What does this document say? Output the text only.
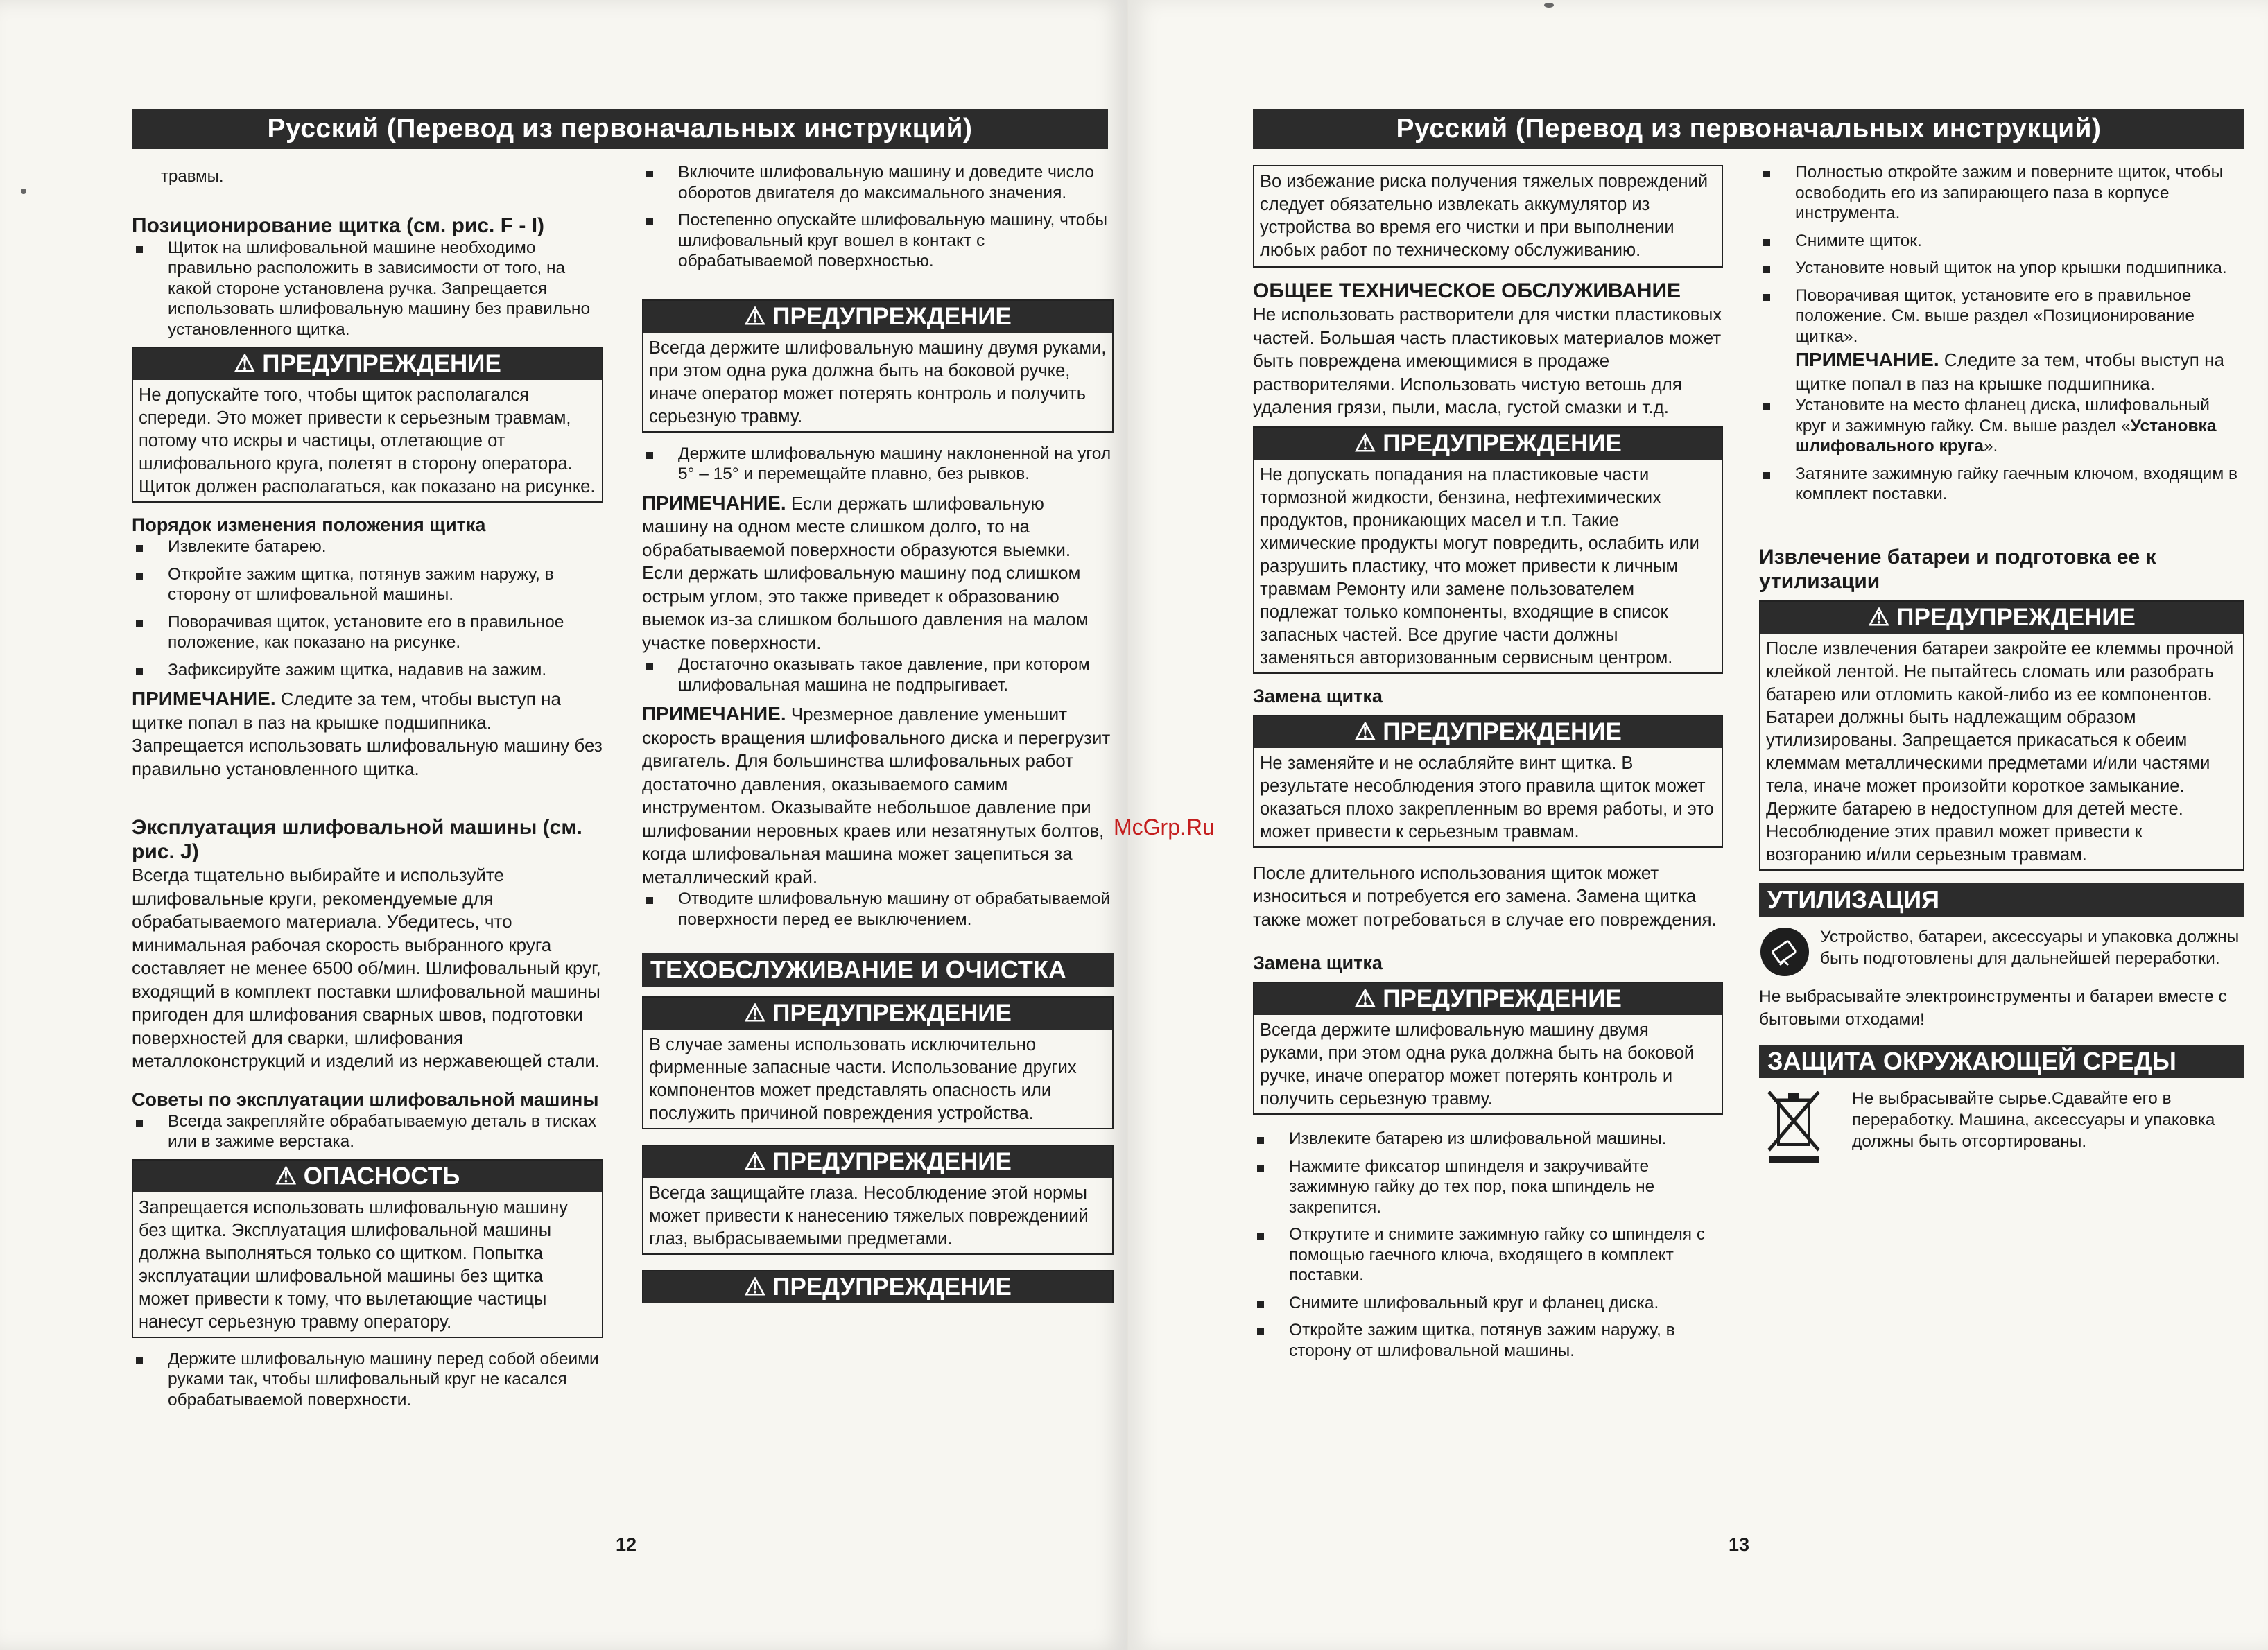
Русский (Перевод из первоначальных инструкций)

травмы.

Позиционирование щитка (см. рис. F - I)
Щиток на шлифовальной машине необходимо правильно расположить в зависимости от того, на какой стороне установлена ручка. Запрещается использовать шлифовальную машину без правильно установленного щитка.
⚠ ПРЕДУПРЕЖДЕНИЕ
Не допускайте того, чтобы щиток располагался спереди. Это может привести к серьезным травмам, потому что искры и частицы, отлетающие от шлифовального круга, полетят в сторону оператора. Щиток должен располагаться, как показано на рисунке.
Порядок изменения положения щитка
Извлеките батарею.
Откройте зажим щитка, потянув зажим наружу, в сторону от шлифовальной машины.
Поворачивая щиток, установите его в правильное положение, как показано на рисунке.
Зафиксируйте зажим щитка, надавив на зажим.

ПРИМЕЧАНИЕ. Следите за тем, чтобы выступ на щитке попал в паз на крышке подшипника. Запрещается использовать шлифовальную машину без правильно установленного щитка.

Эксплуатация шлифовальной машины (см. рис. J)

Всегда тщательно выбирайте и используйте шлифовальные круги, рекомендуемые для обрабатываемого материала. Убедитесь, что минимальная рабочая скорость выбранного круга составляет не менее 6500 об/мин. Шлифовальный круг, входящий в комплект поставки шлифовальной машины пригоден для шлифования сварных швов, подготовки поверхностей для сварки, шлифования металлоконструкций и изделий из нержавеющей стали.

Советы по эксплуатации шлифовальной машины
Всегда закрепляйте обрабатываемую деталь в тисках или в зажиме верстака.
⚠ ОПАСНОСТЬ
Запрещается использовать шлифовальную машину без щитка. Эксплуатация шлифовальной машины должна выполняться только со щитком. Попытка эксплуатации шлифовальной машины без щитка может привести к тому, что вылетающие частицы нанесут серьезную травму оператору.
Держите шлифовальную машину перед собой обеими руками так, чтобы шлифовальный круг не касался обрабатываемой поверхности.
Включите шлифовальную машину и доведите число оборотов двигателя до максимального значения.
Постепенно опускайте шлифовальную машину, чтобы шлифовальный круг вошел в контакт с обрабатываемой поверхностью.
⚠ ПРЕДУПРЕЖДЕНИЕ
Всегда держите шлифовальную машину двумя руками, при этом одна рука должна быть на боковой ручке, иначе оператор может потерять контроль и получить серьезную травму.
Держите шлифовальную машину наклоненной на угол 5° – 15° и перемещайте плавно, без рывков.

ПРИМЕЧАНИЕ. Если держать шлифовальную машину на одном месте слишком долго, то на обрабатываемой поверхности образуются выемки. Если держать шлифовальную машину под слишком острым углом, это также приведет к образованию выемок из-за слишком большого давления на малом участке поверхности.

Достаточно оказывать такое давление, при котором шлифовальная машина не подпрыгивает.

ПРИМЕЧАНИЕ. Чрезмерное давление уменьшит скорость вращения шлифовального диска и перегрузит двигатель. Для большинства шлифовальных работ достаточно давления, оказываемого самим инструментом. Оказывайте небольшое давление при шлифовании неровных краев или незатянутых болтов, когда шлифовальная машина может зацепиться за металлический край.

Отводите шлифовальную машину от обрабатываемой поверхности перед ее выключением.
ТЕХОБСЛУЖИВАНИЕ И ОЧИСТКА
⚠ ПРЕДУПРЕЖДЕНИЕ
В случае замены использовать исключительно фирменные запасные части. Использование других компонентов может представлять опасность или послужить причиной повреждения устройства.
⚠ ПРЕДУПРЕЖДЕНИЕ
Всегда защищайте глаза. Несоблюдение этой нормы может привести к нанесению тяжелых повреждениий глаз, выбрасываемыми предметами.
⚠ ПРЕДУПРЕЖДЕНИЕ
12
Русский (Перевод из первоначальных инструкций)
Во избежание риска получения тяжелых повреждений следует обязательно извлекать аккумулятор из устройства во время его чистки и при выполнении любых работ по техническому обслуживанию.
ОБЩЕЕ ТЕХНИЧЕСКОЕ ОБСЛУЖИВАНИЕ

Не использовать растворители для чистки пластиковых частей. Большая часть пластиковых материалов может быть повреждена имеющимися в продаже растворителями. Использовать чистую ветошь для удаления грязи, пыли, масла, густой смазки и т.д.

⚠ ПРЕДУПРЕЖДЕНИЕ
Не допускать попадания на пластиковые части тормозной жидкости, бензина, нефтехимических продуктов, проникающих масел и т.п. Такие химические продукты могут повредить, ослабить или разрушить пластику, что может привести к личным травмам Ремонту или замене пользователем подлежат только компоненты, входящие в список запасных частей. Все другие части должны заменяться авторизованным сервисным центром.
Замена щитка
⚠ ПРЕДУПРЕЖДЕНИЕ
Не заменяйте и не ослабляйте винт щитка. В результате несоблюдения этого правила щиток может оказаться плохо закрепленным во время работы, и это может привести к серьезным травмам.

После длительного использования щиток может износиться и потребуется его замена. Замена щитка также может потребоваться в случае его повреждения.

Замена щитка
⚠ ПРЕДУПРЕЖДЕНИЕ
Всегда держите шлифовальную машину двумя руками, при этом одна рука должна быть на боковой ручке, иначе оператор может потерять контроль и получить серьезную травму.
Извлеките батарею из шлифовальной машины.
Нажмите фиксатор шпинделя и закручивайте зажимную гайку до тех пор, пока шпиндель не закрепится.
Открутите и снимите зажимную гайку со шпинделя с помощью гаечного ключа, входящего в комплект поставки.
Снимите шлифовальный круг и фланец диска.
Откройте зажим щитка, потянув зажим наружу, в сторону от шлифовальной машины.
Полностью откройте зажим и поверните щиток, чтобы освободить его из запирающего паза в корпусе инструмента.
Снимите щиток.
Установите новый щиток на упор крышки подшипника.
Поворачивая щиток, установите его в правильное положение. См. выше раздел «Позиционирование щитка».

ПРИМЕЧАНИЕ. Следите за тем, чтобы выступ на щитке попал в паз на крышке подшипника.

Установите на место фланец диска, шлифовальный круг и зажимную гайку. См. выше раздел «Установка шлифовального круга».
Затяните зажимную гайку гаечным ключом, входящим в комплект поставки.
Извлечение батареи и подготовка ее к утилизации
⚠ ПРЕДУПРЕЖДЕНИЕ
После извлечения батареи закройте ее клеммы прочной клейкой лентой. Не пытайтесь сломать или разобрать батарею или отломить какой-либо из ее компонентов. Батареи должны быть надлежащим образом утилизированы. Запрещается прикасаться к обеим клеммам металлическими предметами и/или частями тела, иначе может произойти короткое замыкание. Держите батарею в недоступном для детей месте. Несоблюдение этих правил может привести к возгоранию и/или серьезным травмам.
УТИЛИЗАЦИЯ
Устройство, батареи, аксессуары и упаковка должны быть подготовлены для дальнейшей переработки.

Не выбрасывайте электроинструменты и батареи вместе с бытовыми отходами!

ЗАЩИТА ОКРУЖАЮЩЕЙ СРЕДЫ
Не выбрасывайте сырье.Сдавайте его в переработку. Машина, аксессуары и упаковка должны быть отсортированы.
13
McGrp.Ru
